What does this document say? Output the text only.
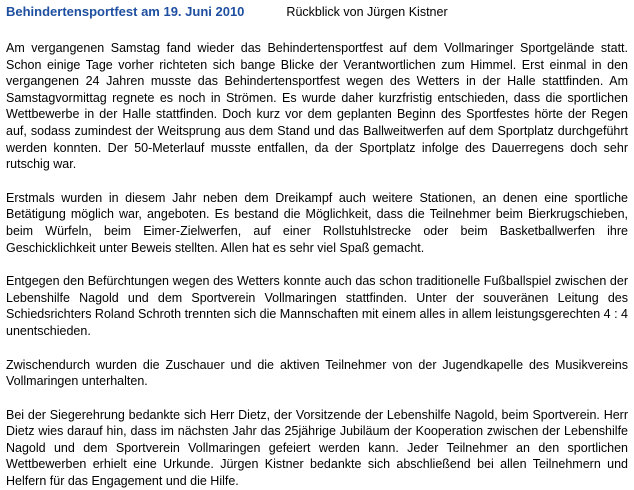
Behindertensportfest am 19. Juni 2010	Rückblick von Jürgen Kistner

Am vergangenen Samstag fand wieder das Behindertensportfest auf dem Vollmaringer Sportgelände statt. Schon einige Tage vorher richteten sich bange Blicke der Verantwortlichen zum Himmel. Erst einmal in den vergangenen 24 Jahren musste das Behindertensportfest wegen des Wetters in der Halle stattfinden. Am Samstagvormittag regnete es noch in Strömen. Es wurde daher kurzfristig entschieden, dass die sportlichen Wettbewerbe in der Halle stattfinden. Doch kurz vor dem geplanten Beginn des Sportfestes hörte der Regen auf, sodass zumindest der Weitsprung aus dem Stand und das Ballweitwerfen auf dem Sportplatz durchgeführt werden konnten. Der 50-Meterlauf musste entfallen, da der Sportplatz infolge des Dauerregens doch sehr rutschig war.

Erstmals wurden in diesem Jahr neben dem Dreikampf auch weitere Stationen, an denen eine sportliche Betätigung möglich war, angeboten. Es bestand die Möglichkeit, dass die Teilnehmer beim Bierkrugschieben, beim Würfeln, beim Eimer-Zielwerfen, auf einer Rollstuhlstrecke oder beim Basketballwerfen ihre Geschicklichkeit unter Beweis stellten. Allen hat es sehr viel Spaß gemacht.

Entgegen den Befürchtungen wegen des Wetters konnte auch das schon traditionelle Fußballspiel zwischen der Lebenshilfe Nagold und dem Sportverein Vollmaringen stattfinden. Unter der souveränen Leitung des Schiedsrichters Roland Schroth trennten sich die Mannschaften mit einem alles in allem leistungsgerechten 4 : 4 unentschieden.

Zwischendurch wurden die Zuschauer und die aktiven Teilnehmer von der Jugendkapelle des Musikvereins Vollmaringen unterhalten.

Bei der Siegerehrung bedankte sich Herr Dietz, der Vorsitzende der Lebenshilfe Nagold, beim Sportverein. Herr Dietz wies darauf hin, dass im nächsten Jahr das 25jährige Jubiläum der Kooperation zwischen der Lebenshilfe Nagold und dem Sportverein Vollmaringen gefeiert werden kann. Jeder Teilnehmer an den sportlichen Wettbewerben erhielt eine Urkunde. Jürgen Kistner bedankte sich abschließend bei allen Teilnehmern und Helfern für das Engagement und die Hilfe.
